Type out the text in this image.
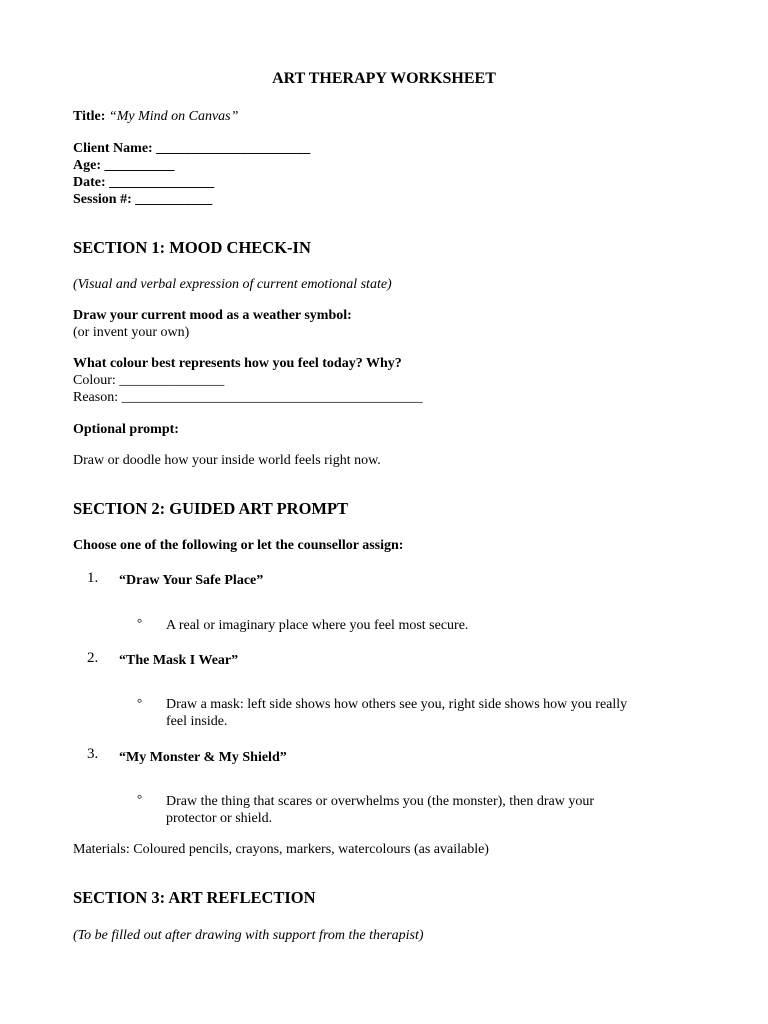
ART THERAPY WORKSHEET
Title: “My Mind on Canvas”
Client Name: ______________________
Age: __________
Date: _______________
Session #: ___________
SECTION 1: MOOD CHECK-IN
(Visual and verbal expression of current emotional state)
Draw your current mood as a weather symbol:
(or invent your own)
What colour best represents how you feel today? Why?
Colour: _______________
Reason: ___________________________________________
Optional prompt:
Draw or doodle how your inside world feels right now.
SECTION 2: GUIDED ART PROMPT
Choose one of the following or let the counsellor assign:
1. “Draw Your Safe Place”
° A real or imaginary place where you feel most secure.
2. “The Mask I Wear”
° Draw a mask: left side shows how others see you, right side shows how you really
feel inside.
3. “My Monster & My Shield”
° Draw the thing that scares or overwhelms you (the monster), then draw your
protector or shield.
Materials: Coloured pencils, crayons, markers, watercolours (as available)
SECTION 3: ART REFLECTION
(To be filled out after drawing with support from the therapist)
